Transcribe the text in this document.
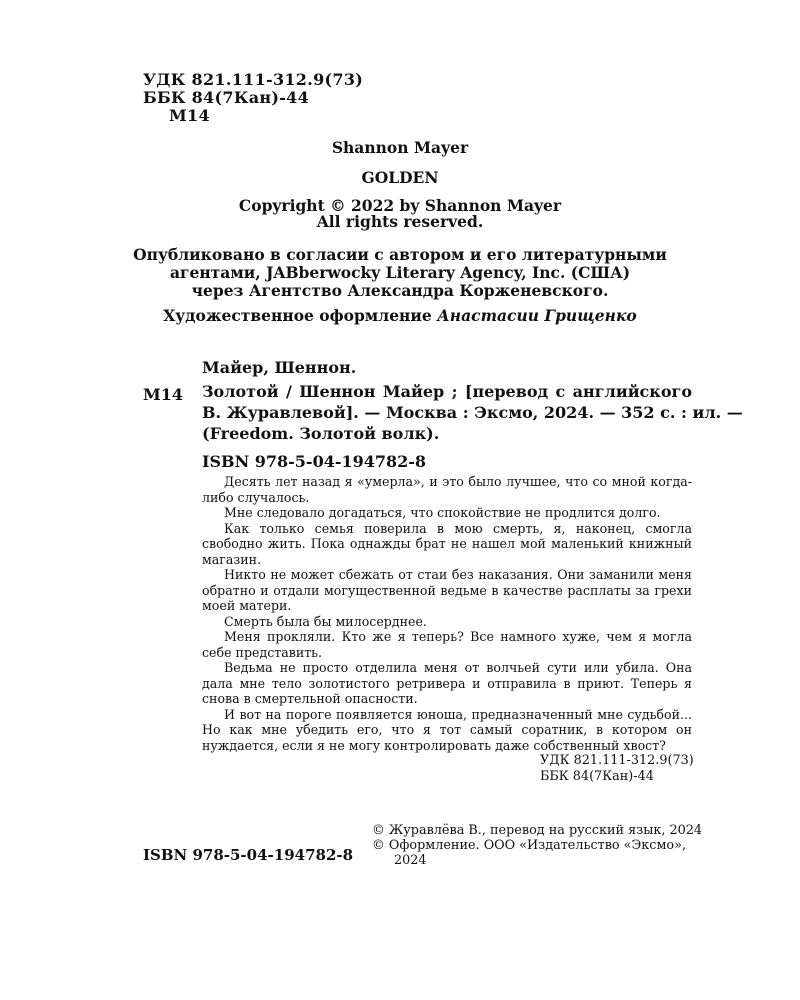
УДК 821.111-312.9(73)
ББК 84(7Кан)-44
М14
Shannon Mayer
GOLDEN
Copyright © 2022 by Shannon Mayer
All rights reserved.
Опубликовано в согласии с автором и его литературными
агентами, JABberwocky Literary Agency, Inc. (США)
через Агентство Александра Корженевского.
Художественное оформление Анастасии Грищенко
Майер, Шеннон.
М14 Золотой / Шеннон Майер ; [перевод с английского
В. Журавлевой]. — Москва : Эксмо, 2024. — 352 с. : ил. —
(Freedom. Золотой волк).
ISBN 978-5-04-194782-8

Десять лет назад я «умерла», и это было лучшее, что со мной когда-либо случалось.

Мне следовало догадаться, что спокойствие не продлится долго.

Как только семья поверила в мою смерть, я, наконец, смогла свободно жить. Пока однажды брат не нашел мой маленький книжный магазин.

Никто не может сбежать от стаи без наказания. Они заманили меня обратно и отдали могущественной ведьме в качестве расплаты за грехи моей матери.

Смерть была бы милосерднее.

Меня прокляли. Кто же я теперь? Все намного хуже, чем я могла себе представить.

Ведьма не просто отделила меня от волчьей сути или убила. Она дала мне тело золотистого ретривера и отправила в приют. Теперь я снова в смертельной опасности.

И вот на пороге появляется юноша, предназначенный мне судьбой... Но как мне убедить его, что я тот самый соратник, в котором он нуждается, если я не могу контролировать даже собственный хвост?

УДК 821.111-312.9(73)
ББК 84(7Кан)-44
ISBN 978-5-04-194782-8
© Журавлёва В., перевод на русский язык, 2024
© Оформление. ООО «Издательство «Эксмо»,
2024
